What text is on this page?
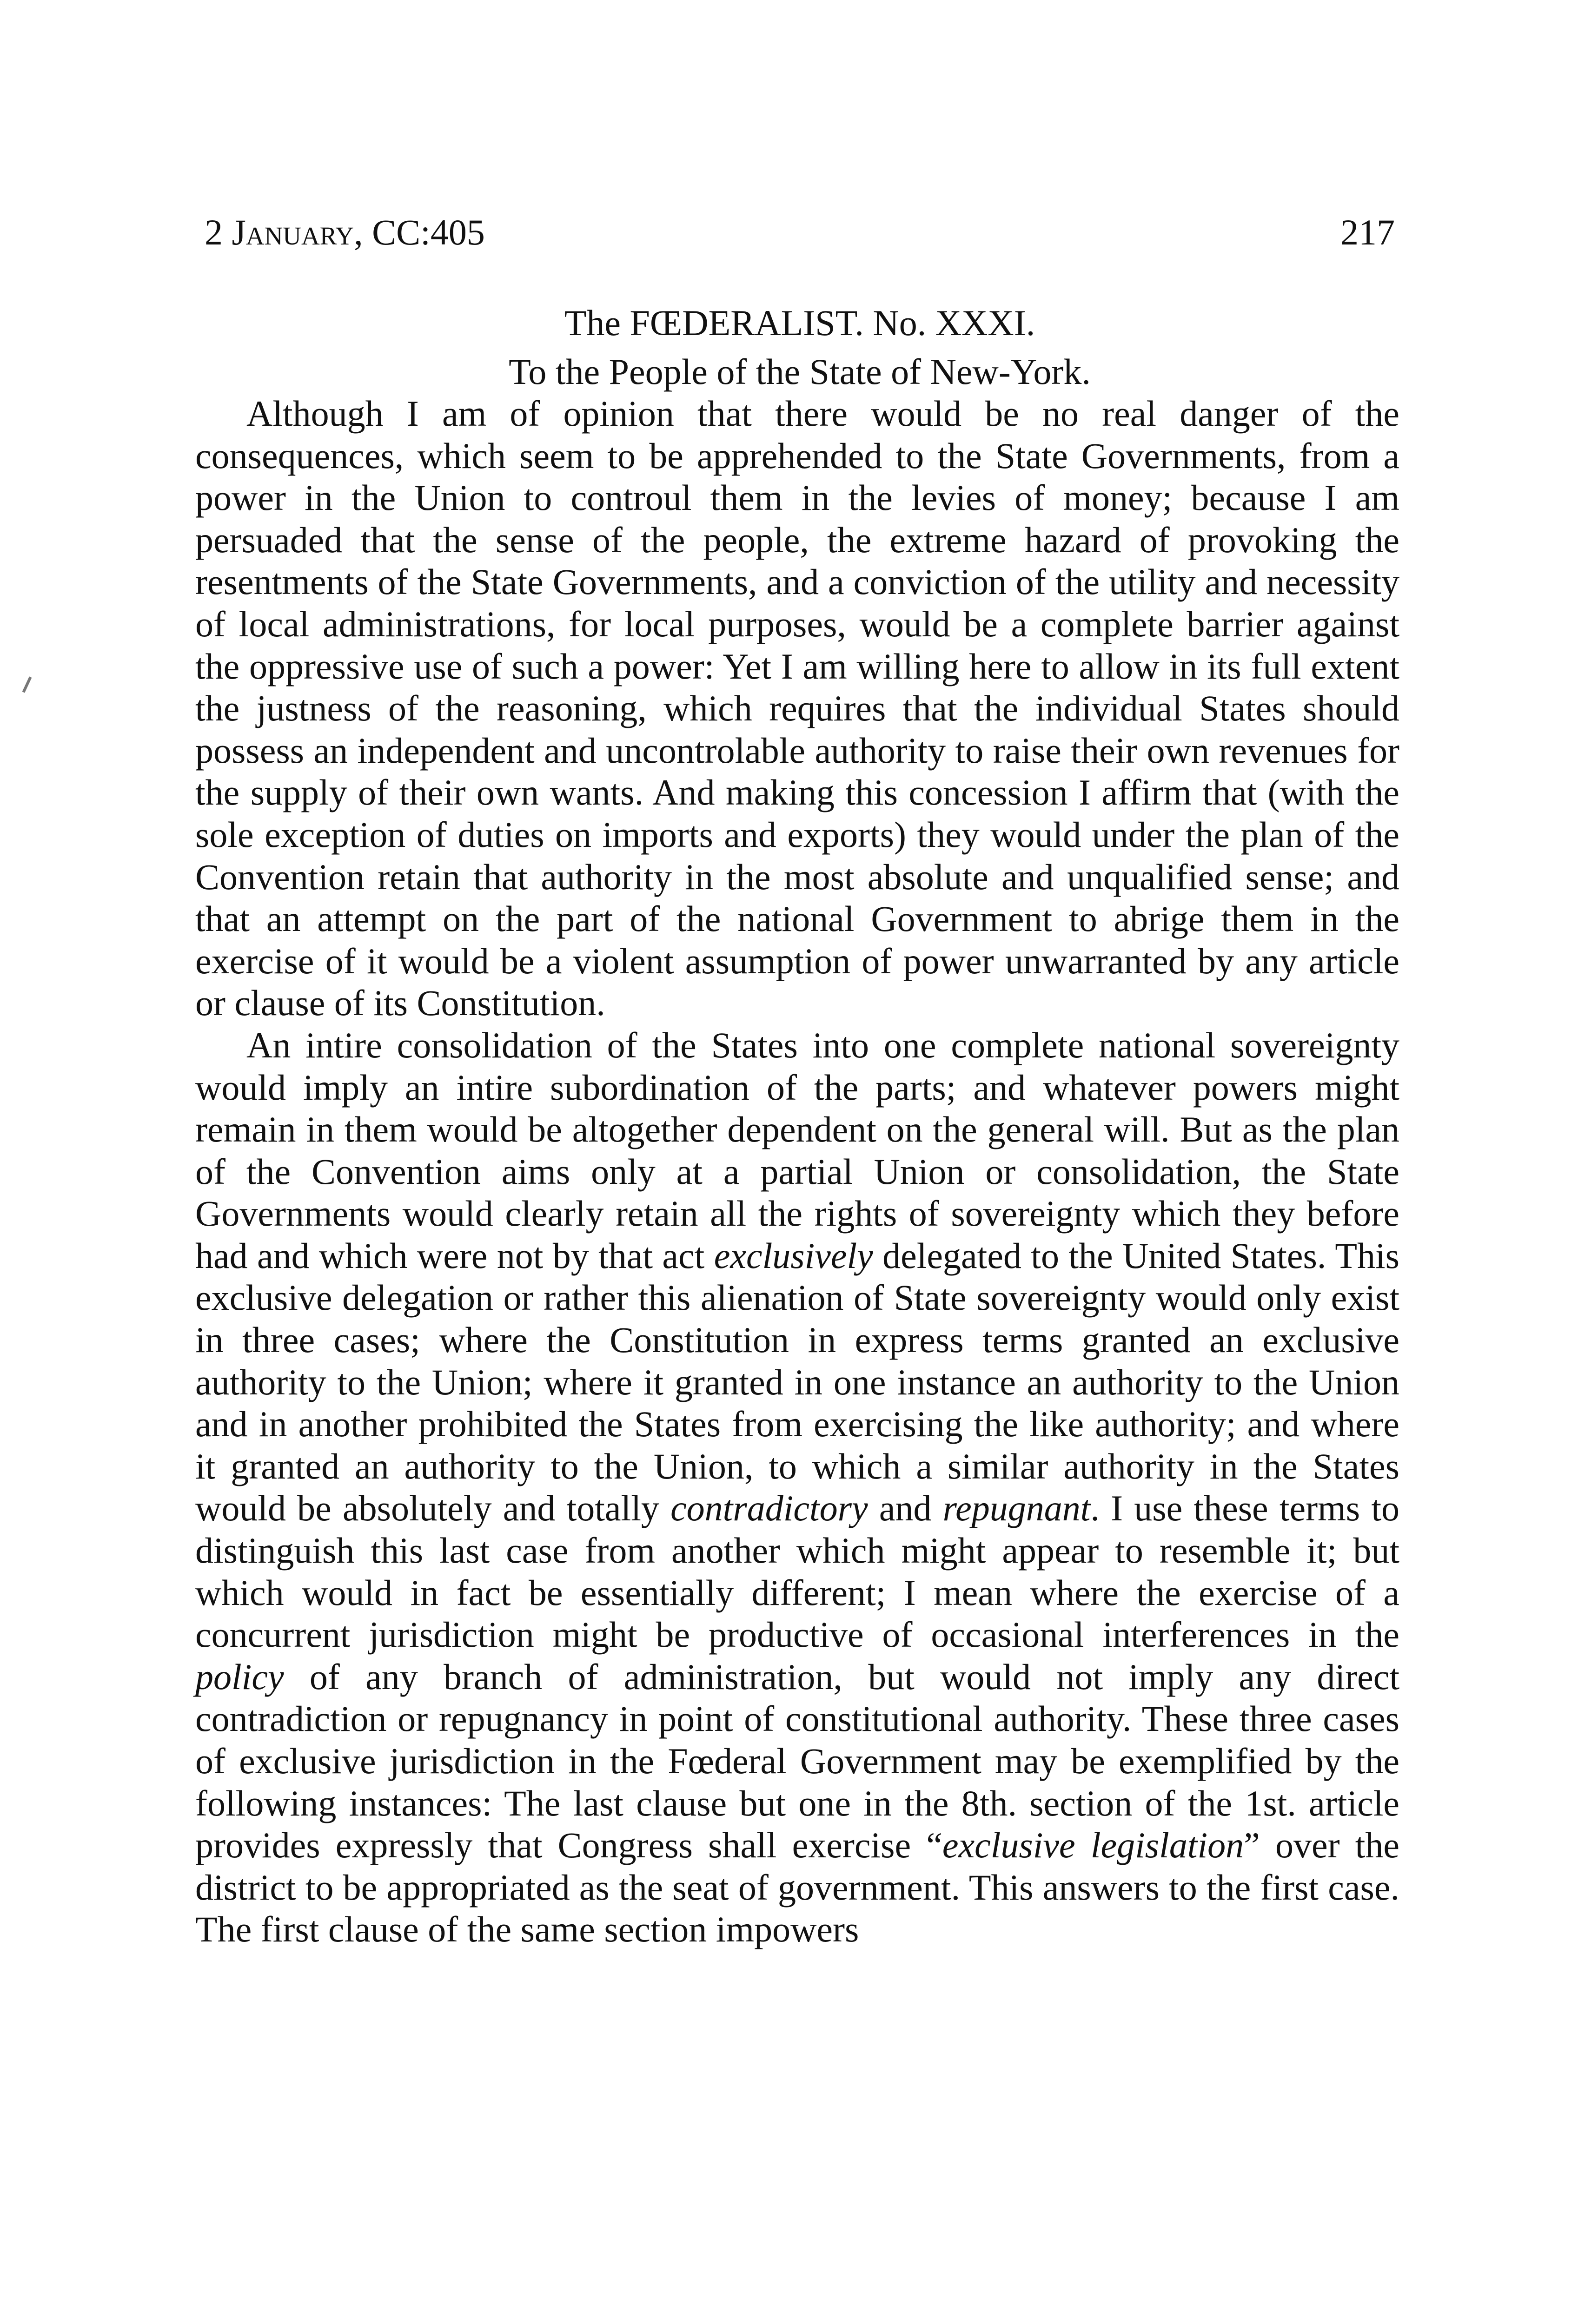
2 January, CC:405	217
The FŒDERALIST. No. XXXI.
To the People of the State of New-York.

Although I am of opinion that there would be no real danger of the consequences, which seem to be apprehended to the State Governments, from a power in the Union to controul them in the levies of money; because I am persuaded that the sense of the people, the extreme hazard of provoking the resentments of the State Governments, and a conviction of the utility and necessity of local administrations, for local purposes, would be a complete barrier against the oppressive use of such a power: Yet I am willing here to allow in its full extent the justness of the reasoning, which requires that the individual States should possess an independent and uncontrolable authority to raise their own revenues for the supply of their own wants. And making this concession I affirm that (with the sole exception of duties on imports and exports) they would under the plan of the Convention retain that authority in the most absolute and unqualified sense; and that an attempt on the part of the national Government to abrige them in the exercise of it would be a violent assumption of power unwarranted by any article or clause of its Constitution.

An intire consolidation of the States into one complete national sovereignty would imply an intire subordination of the parts; and whatever powers might remain in them would be altogether dependent on the general will. But as the plan of the Convention aims only at a partial Union or consolidation, the State Governments would clearly retain all the rights of sovereignty which they before had and which were not by that act exclusively delegated to the United States. This exclusive delegation or rather this alienation of State sovereignty would only exist in three cases; where the Constitution in express terms granted an exclusive authority to the Union; where it granted in one instance an authority to the Union and in another prohibited the States from exercising the like authority; and where it granted an authority to the Union, to which a similar authority in the States would be absolutely and totally contradictory and repugnant. I use these terms to distinguish this last case from another which might appear to resemble it; but which would in fact be essentially different; I mean where the exercise of a concurrent jurisdiction might be productive of occasional interferences in the policy of any branch of administration, but would not imply any direct contradiction or repugnancy in point of constitutional authority. These three cases of exclusive jurisdiction in the Fœderal Government may be exemplified by the following instances: The last clause but one in the 8th. section of the 1st. article provides expressly that Congress shall exercise “exclusive legislation” over the district to be appropriated as the seat of government. This answers to the first case. The first clause of the same section impowers
